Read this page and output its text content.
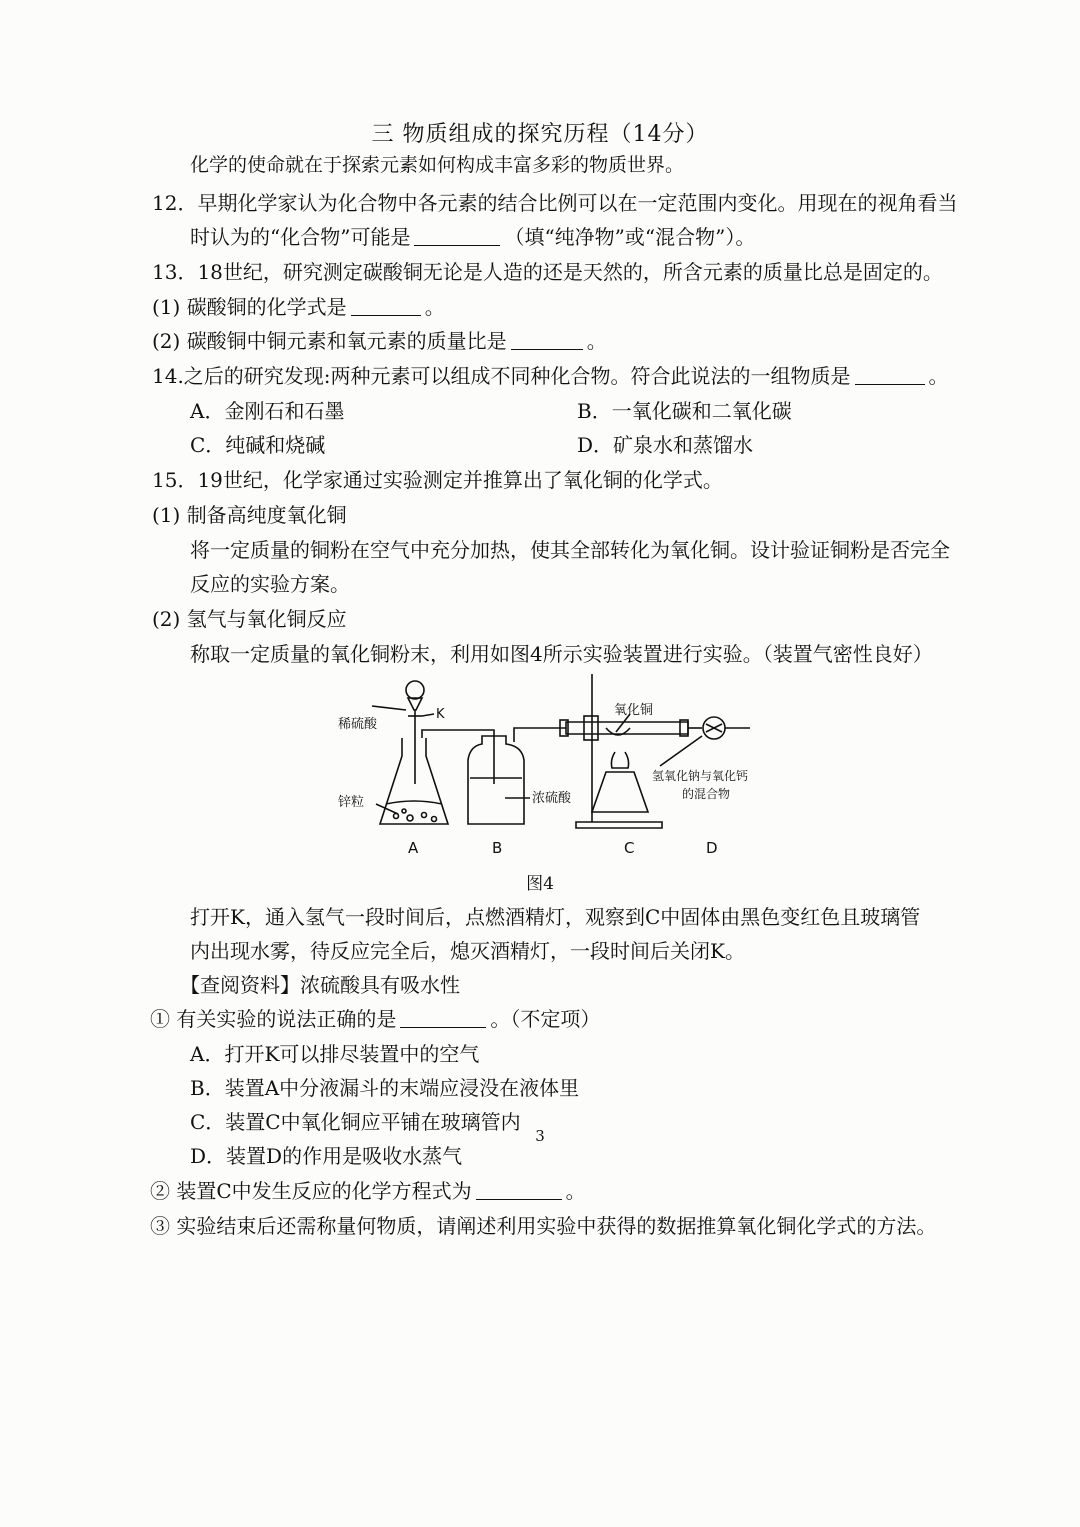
三 物质组成的探究历程（14分）
化学的使命就在于探索元素如何构成丰富多彩的物质世界。
12．早期化学家认为化合物中各元素的结合比例可以在一定范围内变化。用现在的视角看当
时认为的“化合物”可能是	（填“纯净物”或“混合物”）。
13．18世纪，研究测定碳酸铜无论是人造的还是天然的，所含元素的质量比总是固定的。
(1) 碳酸铜的化学式是	。
(2) 碳酸铜中铜元素和氧元素的质量比是	。
14.之后的研究发现:两种元素可以组成不同种化合物。符合此说法的一组物质是	。
A．金刚石和石墨	B．一氧化碳和二氧化碳
C．纯碱和烧碱	D．矿泉水和蒸馏水
15．19世纪，化学家通过实验测定并推算出了氧化铜的化学式。
(1) 制备高纯度氧化铜
将一定质量的铜粉在空气中充分加热，使其全部转化为氧化铜。设计验证铜粉是否完全
反应的实验方案。
(2) 氢气与氧化铜反应
称取一定质量的氧化铜粉末，利用如图4所示实验装置进行实验。（装置气密性良好）
稀硫酸
K
锌粒	浓硫酸
氧化铜
氢氧化钠与氧化钙
的混合物
A	B	C	D
图4
打开K，通入氢气一段时间后，点燃酒精灯，观察到C中固体由黑色变红色且玻璃管
内出现水雾，待反应完全后，熄灭酒精灯，一段时间后关闭K。
【查阅资料】浓硫酸具有吸水性
① 有关实验的说法正确的是	。（不定项）
A．打开K可以排尽装置中的空气
B．装置A中分液漏斗的末端应浸没在液体里
C．装置C中氧化铜应平铺在玻璃管内
D．装置D的作用是吸收水蒸气
② 装置C中发生反应的化学方程式为	。
③ 实验结束后还需称量何物质，请阐述利用实验中获得的数据推算氧化铜化学式的方法。
3
